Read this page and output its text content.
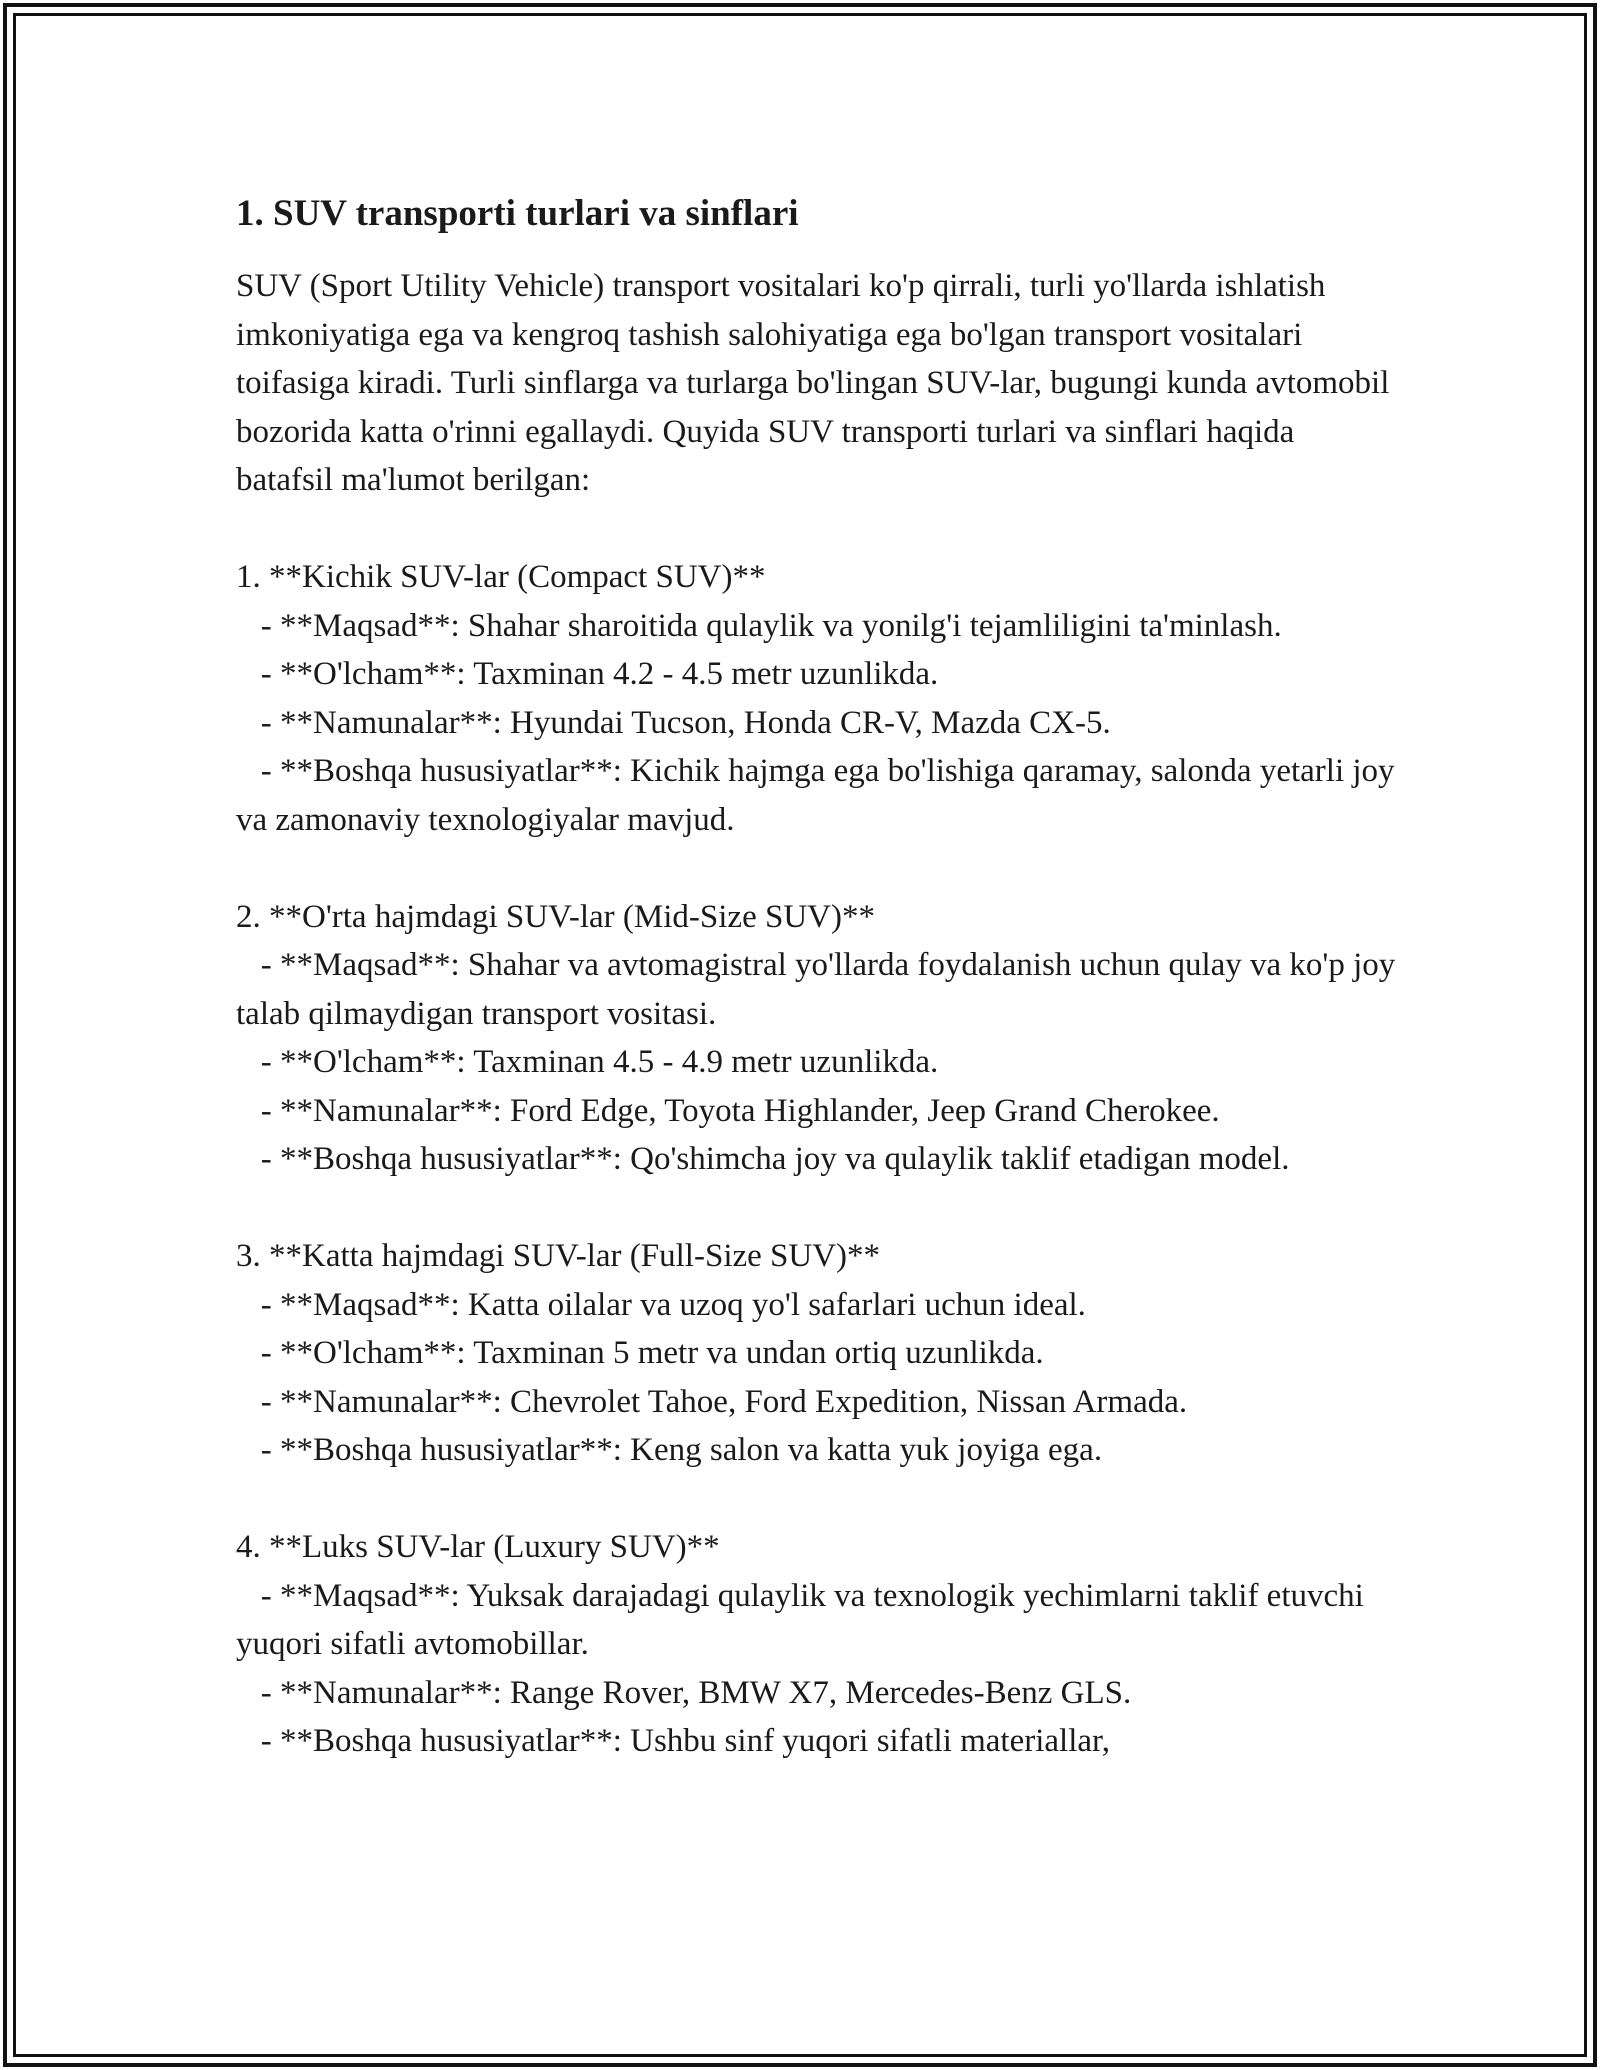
1. SUV transporti turlari va sinflari

SUV (Sport Utility Vehicle) transport vositalari ko'p qirrali, turli yo'llarda ishlatish imkoniyatiga ega va kengroq tashish salohiyatiga ega bo'lgan transport vositalari toifasiga kiradi. Turli sinflarga va turlarga bo'lingan SUV-lar, bugungi kunda avtomobil bozorida katta o'rinni egallaydi. Quyida SUV transporti turlari va sinflari haqida batafsil ma'lumot berilgan:

1. **Kichik SUV-lar (Compact SUV)**

- **Maqsad**: Shahar sharoitida qulaylik va yonilg'i tejamliligini ta'minlash.

- **O'lcham**: Taxminan 4.2 - 4.5 metr uzunlikda.

- **Namunalar**: Hyundai Tucson, Honda CR-V, Mazda CX-5.

- **Boshqa hususiyatlar**: Kichik hajmga ega bo'lishiga qaramay, salonda yetarli joy va zamonaviy texnologiyalar mavjud.

2. **O'rta hajmdagi SUV-lar (Mid-Size SUV)**

- **Maqsad**: Shahar va avtomagistral yo'llarda foydalanish uchun qulay va ko'p joy talab qilmaydigan transport vositasi.

- **O'lcham**: Taxminan 4.5 - 4.9 metr uzunlikda.

- **Namunalar**: Ford Edge, Toyota Highlander, Jeep Grand Cherokee.

- **Boshqa hususiyatlar**: Qo'shimcha joy va qulaylik taklif etadigan model.

3. **Katta hajmdagi SUV-lar (Full-Size SUV)**

- **Maqsad**: Katta oilalar va uzoq yo'l safarlari uchun ideal.

- **O'lcham**: Taxminan 5 metr va undan ortiq uzunlikda.

- **Namunalar**: Chevrolet Tahoe, Ford Expedition, Nissan Armada.

- **Boshqa hususiyatlar**: Keng salon va katta yuk joyiga ega.

4. **Luks SUV-lar (Luxury SUV)**

- **Maqsad**: Yuksak darajadagi qulaylik va texnologik yechimlarni taklif etuvchi yuqori sifatli avtomobillar.

- **Namunalar**: Range Rover, BMW X7, Mercedes-Benz GLS.

- **Boshqa hususiyatlar**: Ushbu sinf yuqori sifatli materiallar,
